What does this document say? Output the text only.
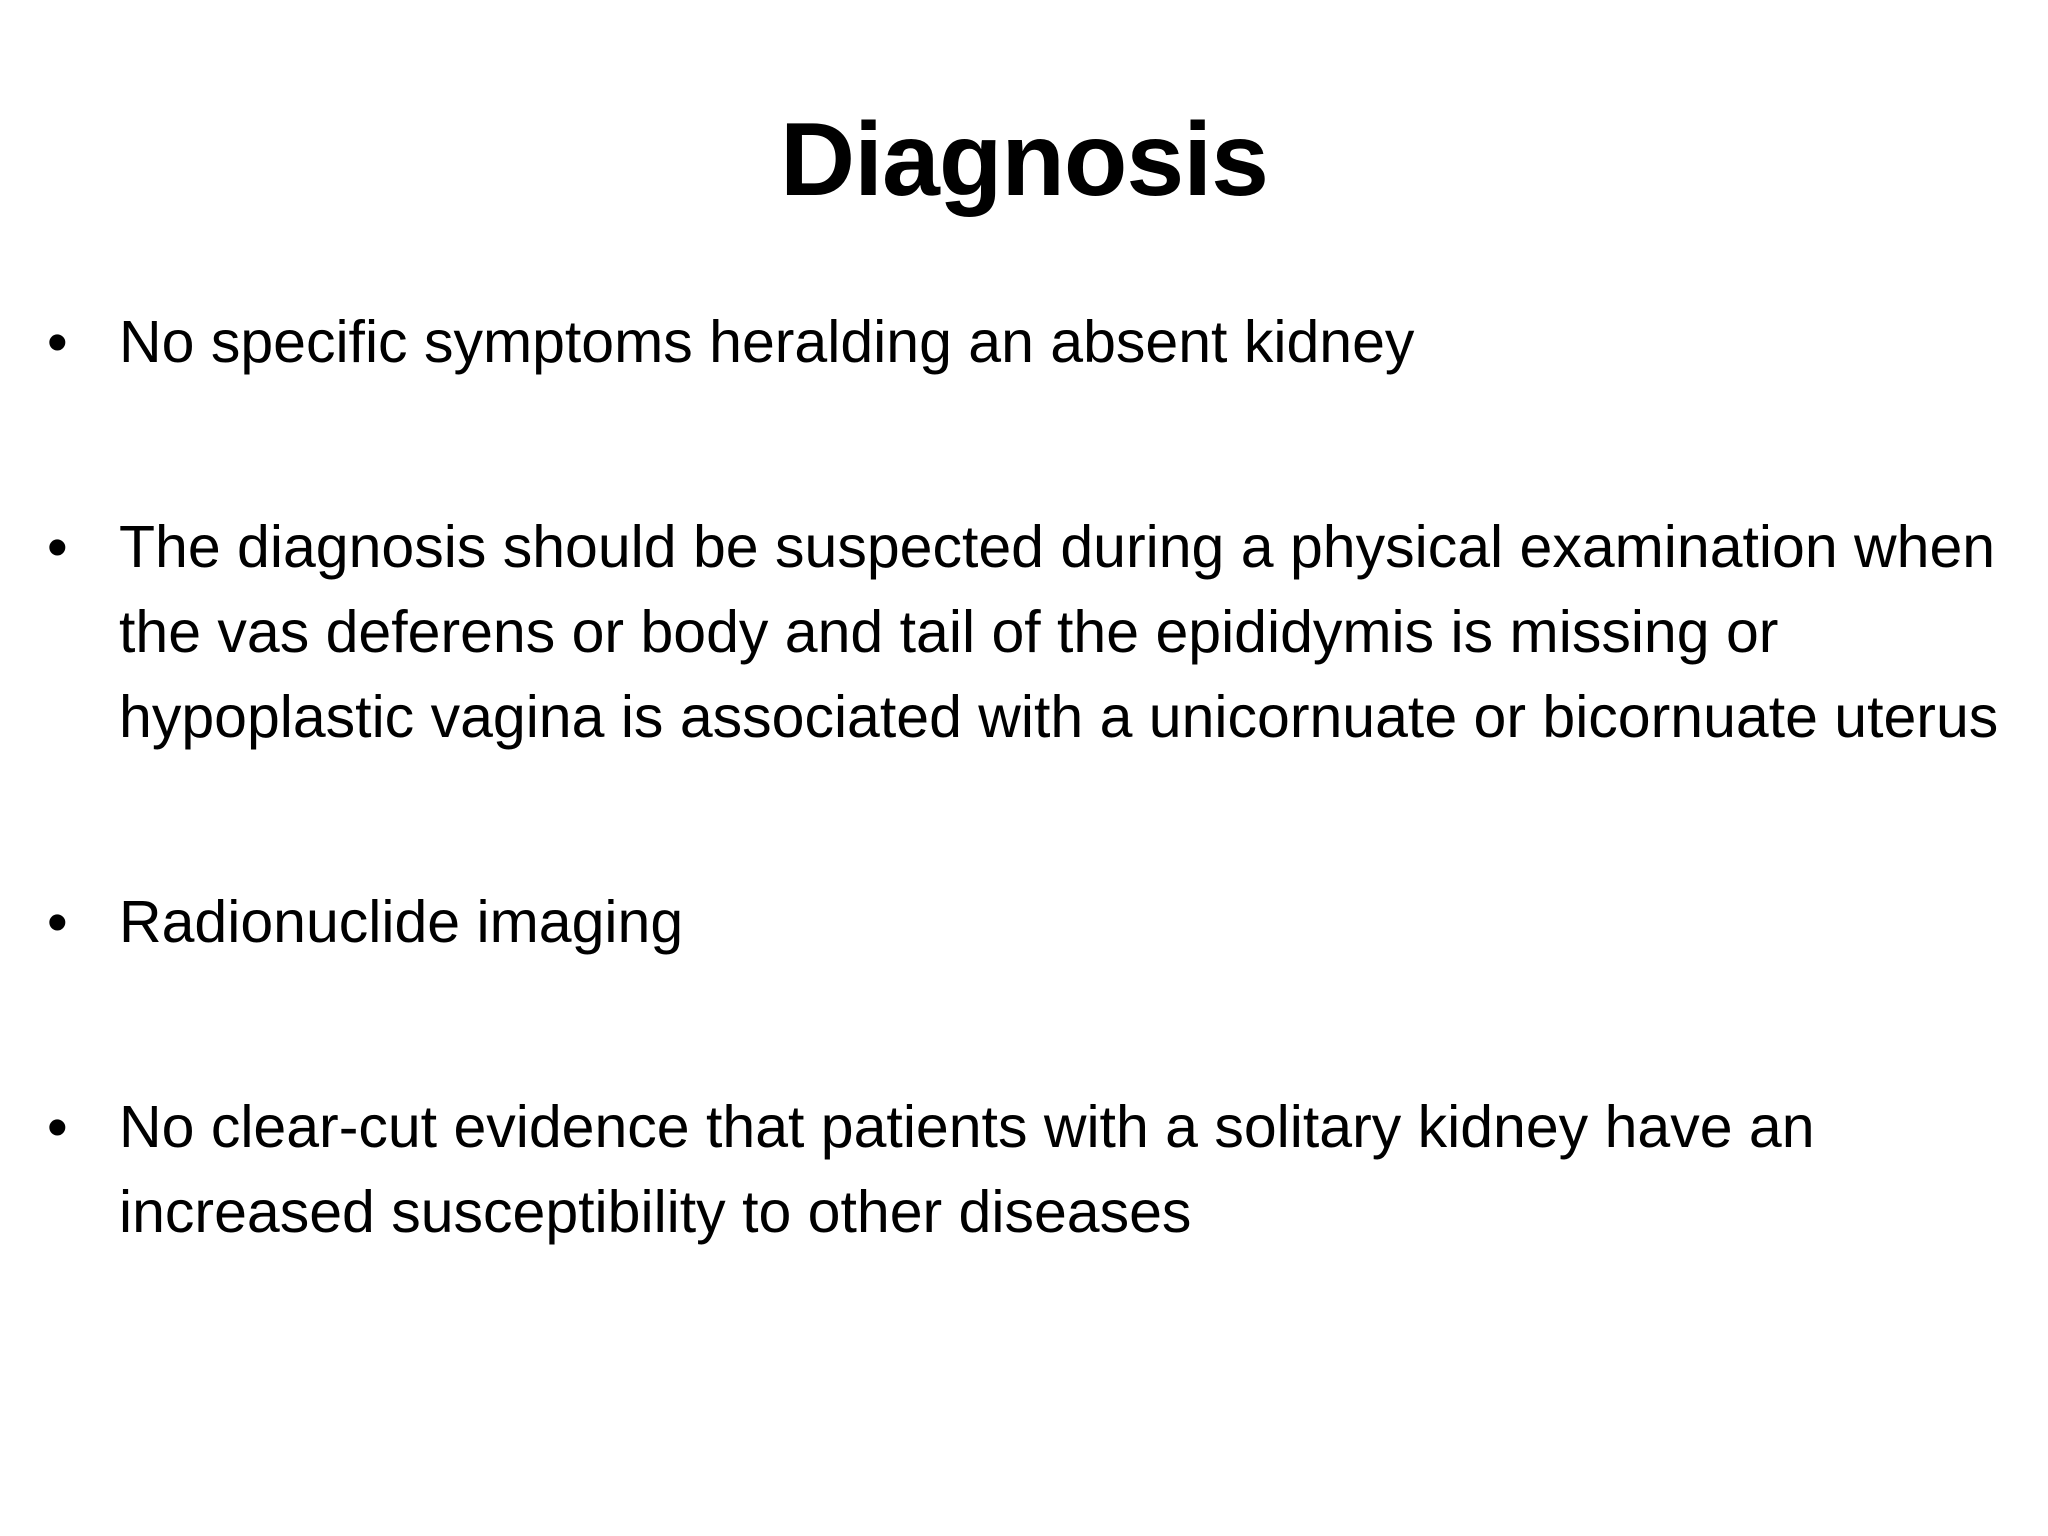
Diagnosis
• No specific symptoms heralding an absent kidney
• The diagnosis should be suspected during a physical examination when the vas deferens or body and tail of the epididymis is missing or hypoplastic vagina is associated with a unicornuate or bicornuate uterus
• Radionuclide imaging
• No clear-cut evidence that patients with a solitary kidney have an increased susceptibility to other diseases
